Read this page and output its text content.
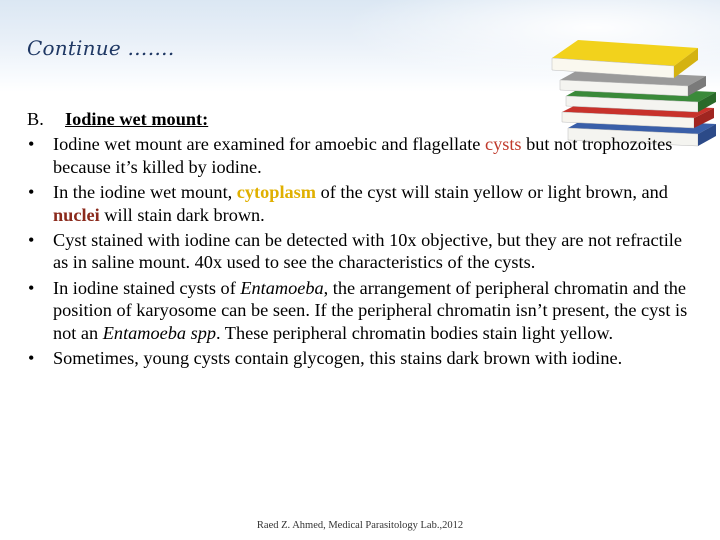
Continue …….
B. Iodine wet mount:
• Iodine wet mount are examined for amoebic and flagellate cysts but not trophozoites because it’s killed by iodine.
• In the iodine wet mount, cytoplasm of the cyst will stain yellow or light brown, and nuclei will stain dark brown.
• Cyst stained with iodine can be detected with 10x objective, but they are not refractile as in saline mount. 40x used to see the characteristics of the cysts.
• In iodine stained cysts of Entamoeba, the arrangement of peripheral chromatin and the position of karyosome can be seen. If the peripheral chromatin isn’t present, the cyst is not an Entamoeba spp. These peripheral chromatin bodies stain light yellow.
• Sometimes, young cysts contain glycogen, this stains dark brown with iodine.
Raed Z. Ahmed, Medical Parasitology Lab.,2012
